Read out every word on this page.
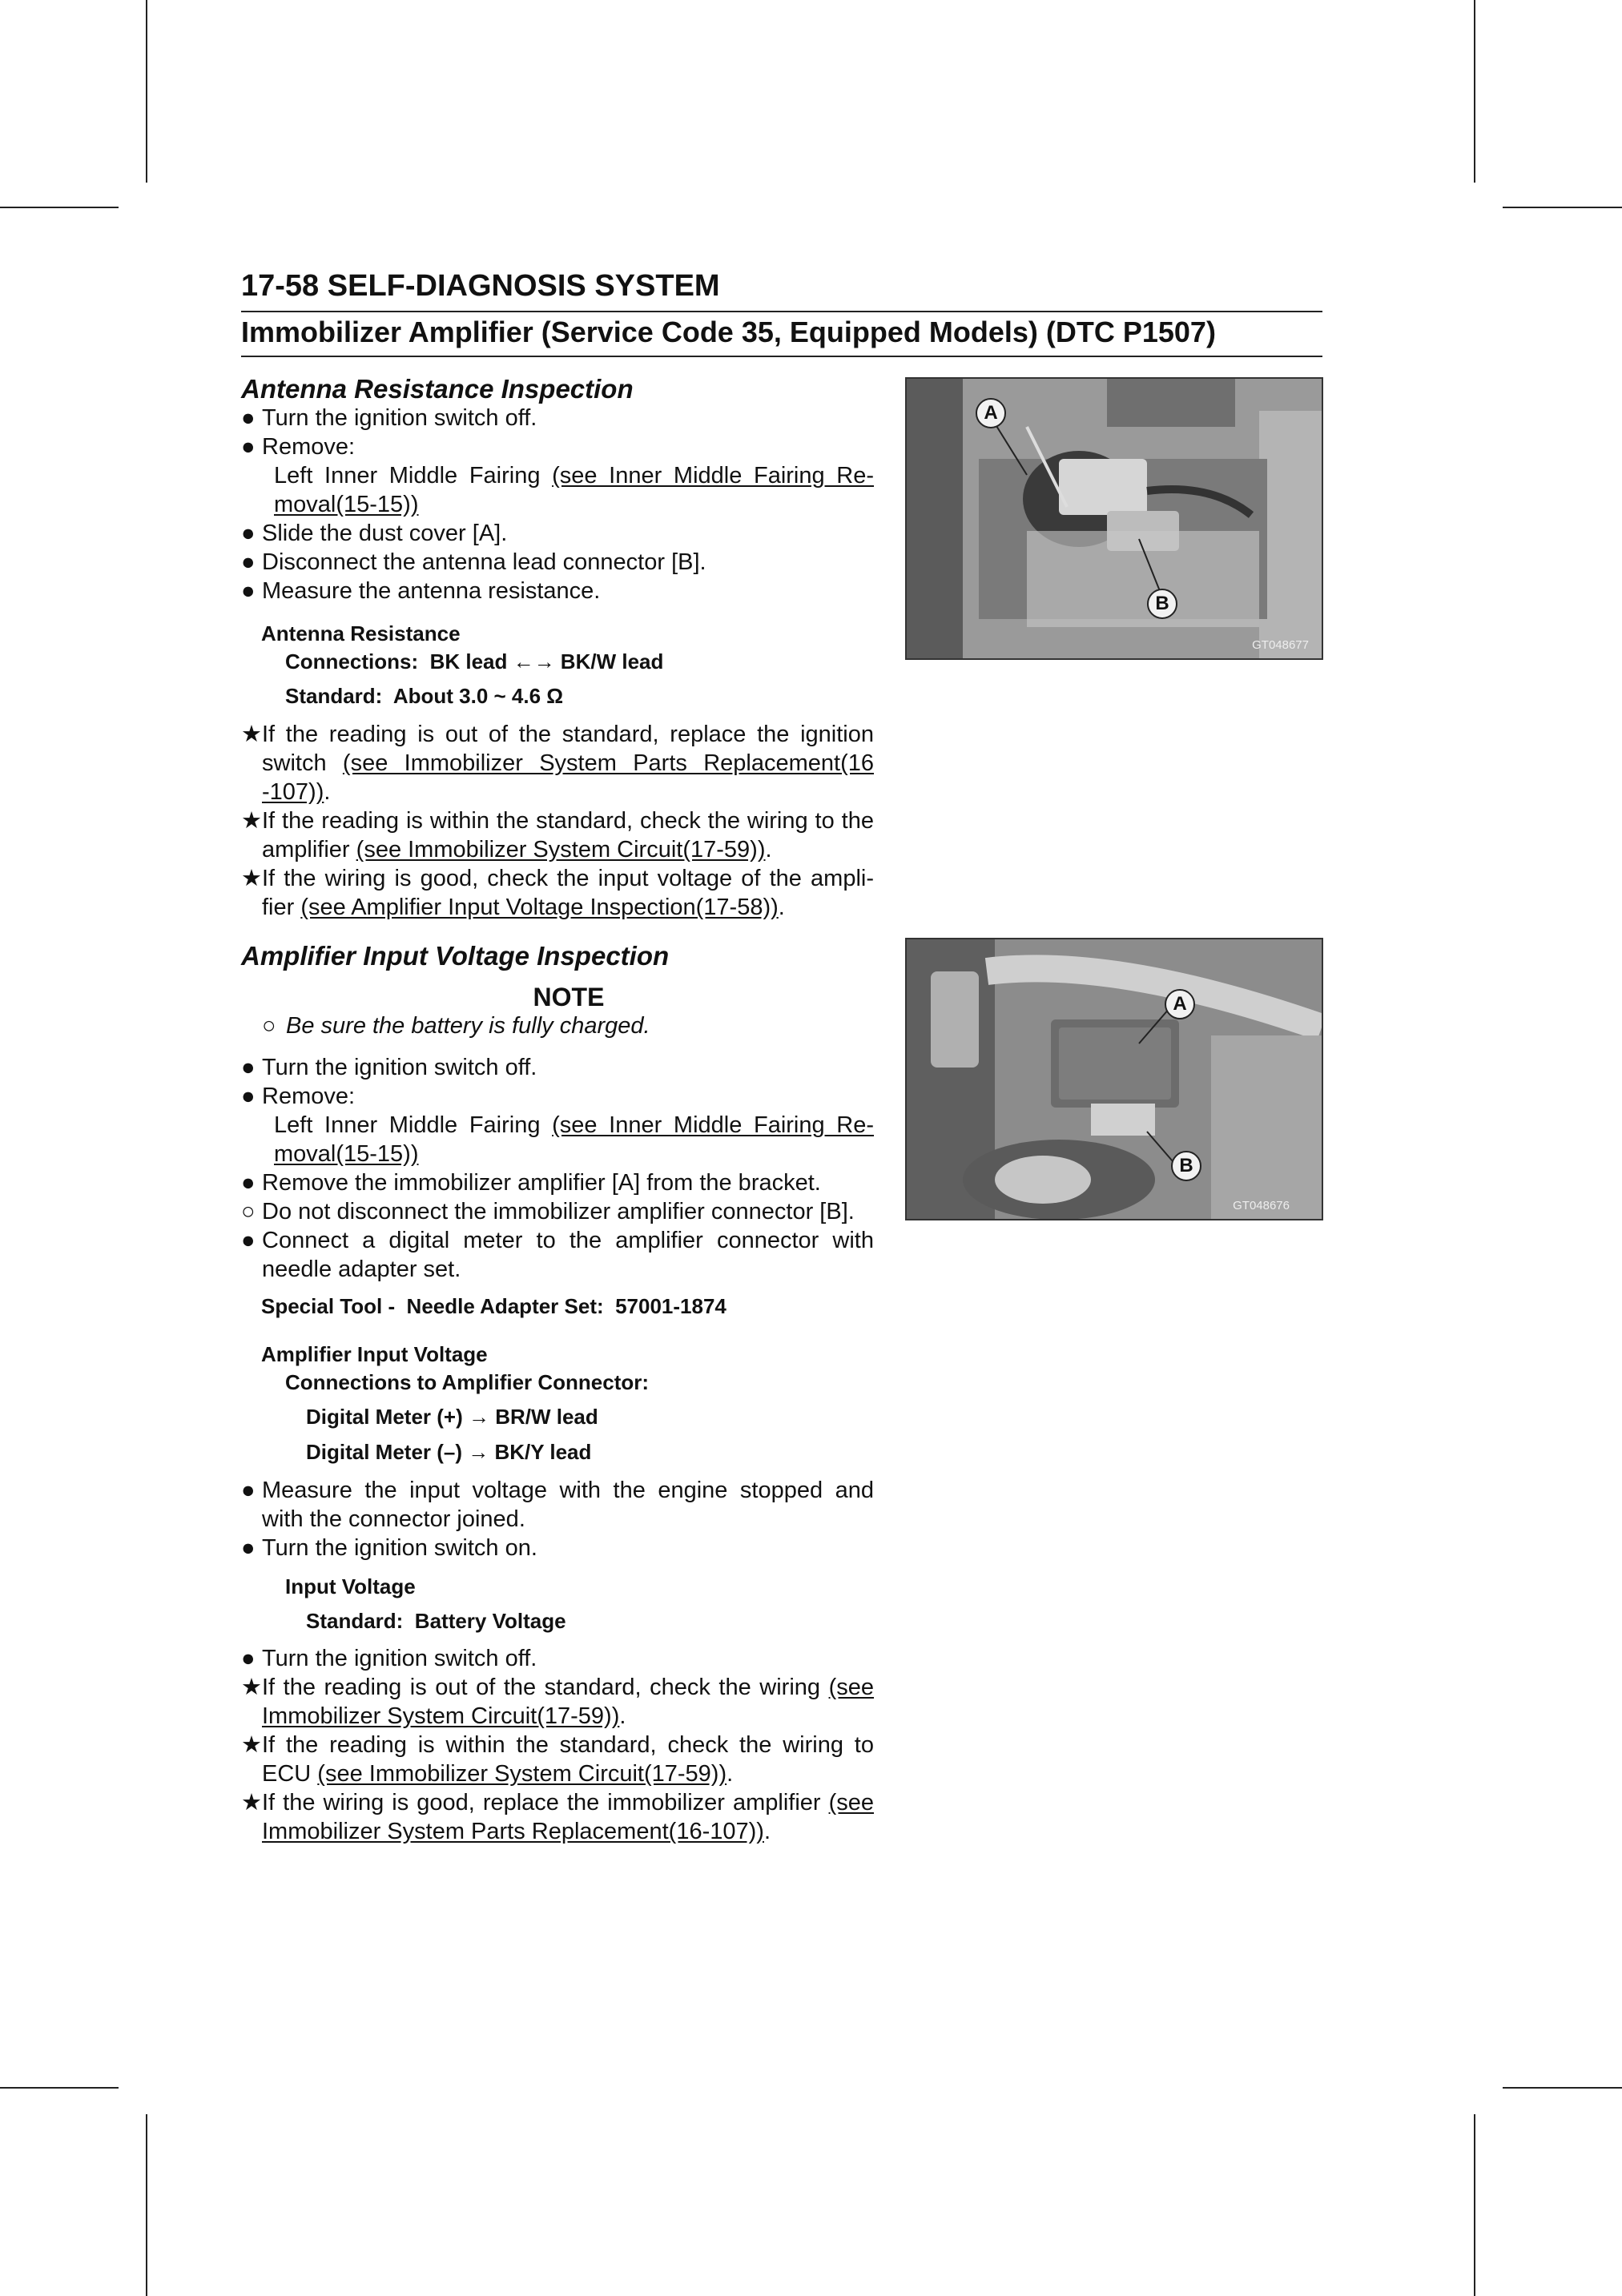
17-58 SELF-DIAGNOSIS SYSTEM
Immobilizer Amplifier (Service Code 35, Equipped Models) (DTC P1507)
Antenna Resistance Inspection
● Turn the ignition switch off.
● Remove:
Left Inner Middle Fairing (see Inner Middle Fairing Re-moval(15-15))
● Slide the dust cover [A].
● Disconnect the antenna lead connector [B].
● Measure the antenna resistance.
Antenna Resistance
Connections: BK lead ←→ BK/W lead
Standard: About 3.0 ~ 4.6 Ω
★ If the reading is out of the standard, replace the ignition switch (see Immobilizer System Parts Replacement(16 -107)).
★ If the reading is within the standard, check the wiring to the amplifier (see Immobilizer System Circuit(17-59)).
★ If the wiring is good, check the input voltage of the ampli-fier (see Amplifier Input Voltage Inspection(17-58)).
A
B
GT048677
Amplifier Input Voltage Inspection
NOTE
○ Be sure the battery is fully charged.
● Turn the ignition switch off.
● Remove:
Left Inner Middle Fairing (see Inner Middle Fairing Re-moval(15-15))
● Remove the immobilizer amplifier [A] from the bracket.
○ Do not disconnect the immobilizer amplifier connector [B].
● Connect a digital meter to the amplifier connector with needle adapter set.
Special Tool -  Needle Adapter Set:  57001-1874
Amplifier Input Voltage
Connections to Amplifier Connector:
Digital Meter (+) → BR/W lead
Digital Meter (–) → BK/Y lead
● Measure the input voltage with the engine stopped and with the connector joined.
● Turn the ignition switch on.
Input Voltage
Standard: Battery Voltage
● Turn the ignition switch off.
★ If the reading is out of the standard, check the wiring (see Immobilizer System Circuit(17-59)).
★ If the reading is within the standard, check the wiring to ECU (see Immobilizer System Circuit(17-59)).
★ If the wiring is good, replace the immobilizer amplifier (see Immobilizer System Parts Replacement(16-107)).
A
B
GT048676
